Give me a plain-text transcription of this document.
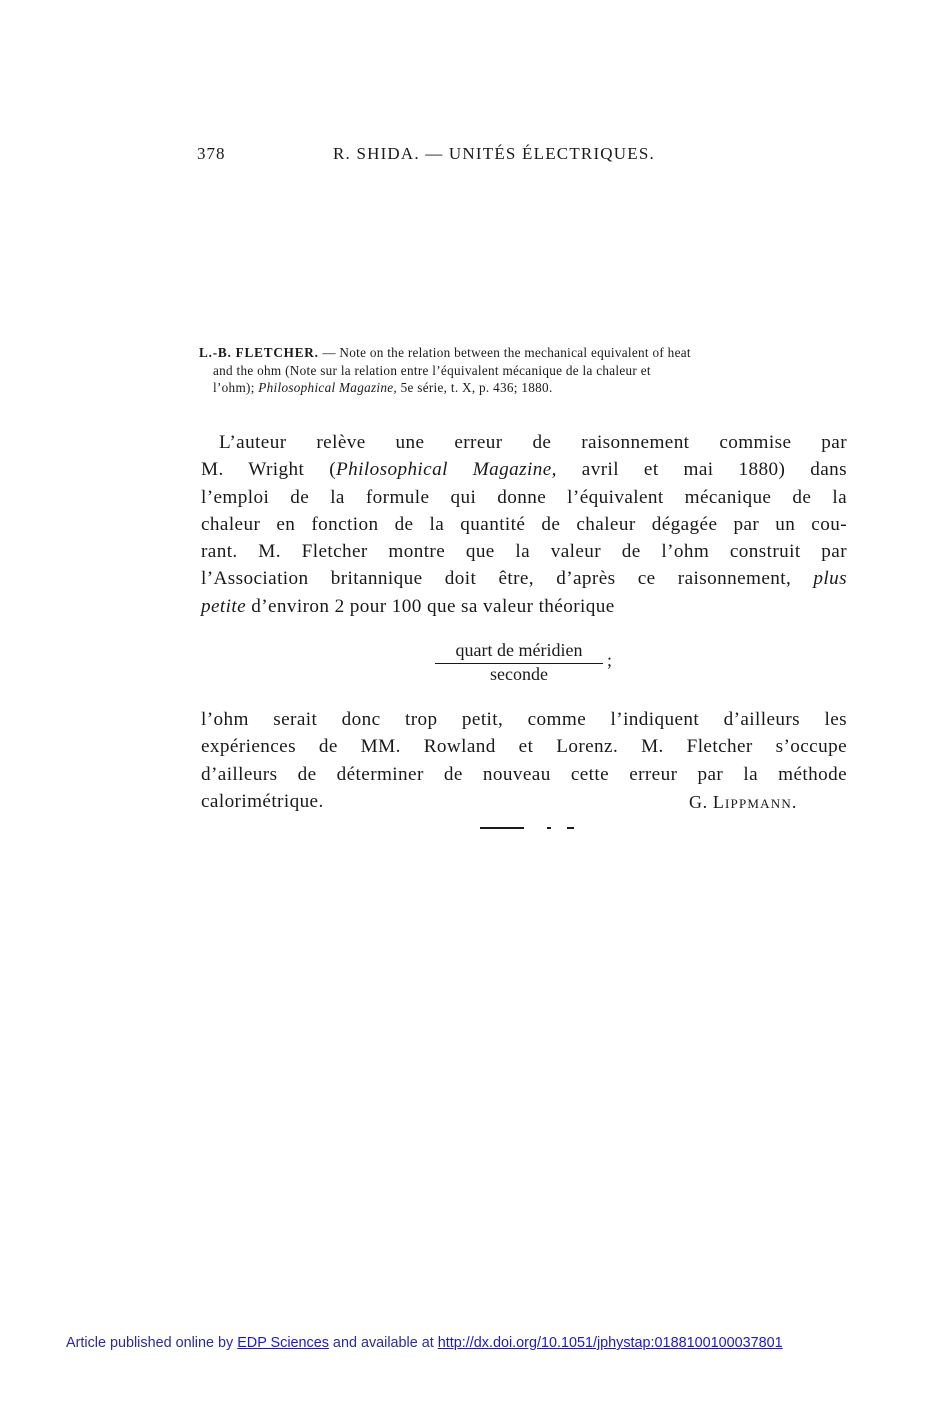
378	R. SHIDA. — UNITÉS ÉLECTRIQUES.
L.-B. FLETCHER. — Note on the relation between the mechanical equivalent of heat
and the ohm (Note sur la relation entre l’équivalent mécanique de la chaleur et
l’ohm); Philosophical Magazine, 5e série, t. X, p. 436; 1880.
L’auteur relève une erreur de raisonnement commise par
M. Wright (Philosophical Magazine, avril et mai 1880) dans
l’emploi de la formule qui donne l’équivalent mécanique de la
chaleur en fonction de la quantité de chaleur dégagée par un cou-
rant. M. Fletcher montre que la valeur de l’ohm construit par
l’Association britannique doit être, d’après ce raisonnement, plus
petite d’environ 2 pour 100 que sa valeur théorique
quart de méridien
seconde
;
l’ohm serait donc trop petit, comme l’indiquent d’ailleurs les
expériences de MM. Rowland et Lorenz. M. Fletcher s’occupe
d’ailleurs de déterminer de nouveau cette erreur par la méthode
calorimétrique.	G. Lippmann.
Article published online by EDP Sciences and available at http://dx.doi.org/10.1051/jphystap:0188100100037801
